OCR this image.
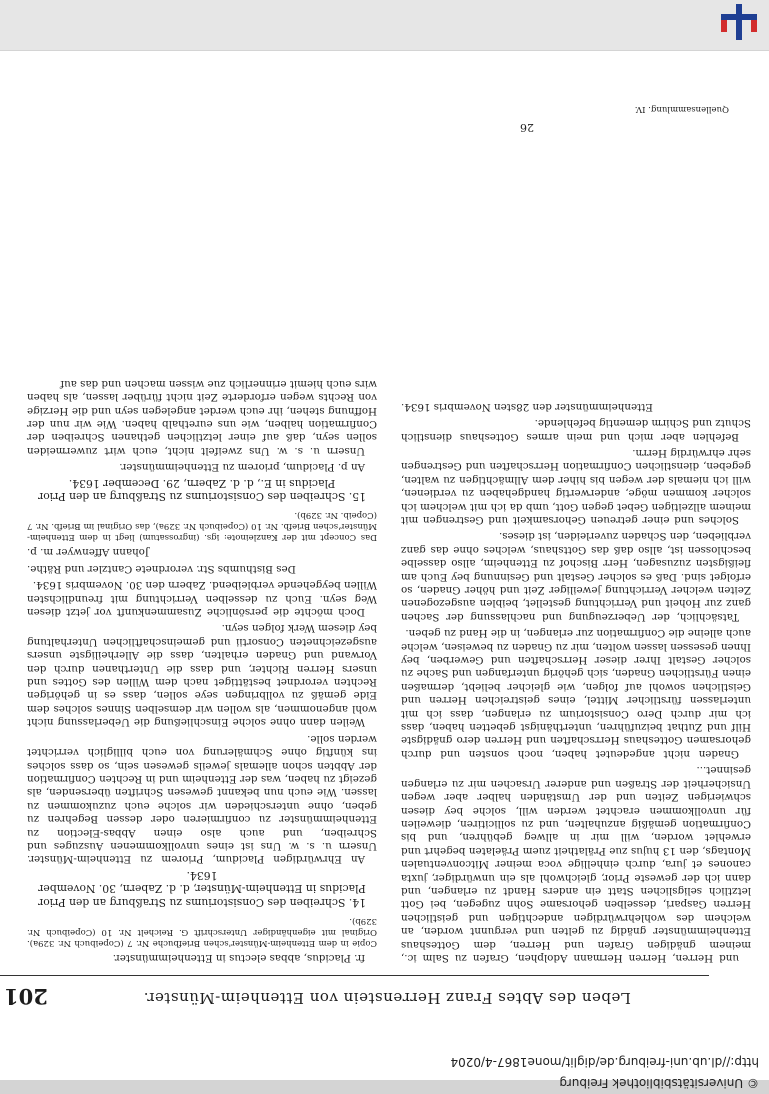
© Universitätsbibliothek Freiburg
http://dl.ub.uni-freiburg.de/diglit/mone1867-4/0204
201	Leben des Abtes Franz Herrenstein von Ettenheim-Münster.

fr. Placidus, abbas electus in Ettenheimmünster.

Copie in dem Ettenheim-Münster'schen Briefbuche Nr. 7 (Copeibuch Nr. 329a). Original mit eigenhändiger Unterschrift G. Reichelt Nr. 10 (Copeibuch Nr. 329b).

14. Schreiben des Consistoriums zu Straßburg an den Prior Placidus in Ettenheim-Münster, d. d. Zabern, 30. November 1634.

An Ehrwürdigen Placidum, Priorem zu Ettenheim-Münster. Unsern u. s. w. Uns ist eines unvollkommenen Auszuges und Schreiben, und auch also einen Abbas-Election zu Ettenheimmünster zu confirmieren oder dessen Begehren zu geben, ohne unterschieden wir solche euch zuzukommen zu lassen. Wie euch nun bekannt gewesen Schriften übersenden, als gezeigt zu haben, was der Ettenheim und in Rechten Confirmation der Abbten schon allemals jeweils gewesen sein, so dass solches ins künftig ohne Schmälerung von euch billiglich verrichtet werden solle.

Weilen dann ohne solche Einschließung die Ueberlassung nicht wohl angenommen, als wollen wir demselben Sinnes solches dem Eide gemäß zu vollbringen seye sollen, dass es in gehörigen Rechten verordnet bestättiget nach dem Willen des Gottes und unsers Herren Richter, und dass die Unterthanen durch den Vorwand und Gnaden erhalten, dass die Allerheiligste unsers ausgezeichneten Consortii und gemeinschaftlichen Unterhaltung bey diesem Werk folgen seyn.

Doch möchte die persönliche Zusammenkunft vor jetzt diesen Weg seyn. Euch zu desselben Verrichtung mit freundlichsten Willen beygehende verbleibend. Zabern den 30. Novembris 1634.

Des Bisthumbs Str. verordnete Cantzler und Räthe.

Johann Affenwyer m. p.

Das Concept mit der Kanzleinote: igs. (ingrossatum) liegt in dem Ettenheim-Münster'schen Briefb. Nr. 10 (Copeibuch Nr. 329a), das Original im Briefb. Nr. 7 (Copeib. Nr. 329b).

15. Schreiben des Consistoriums zu Straßburg an den Prior Placidus in E., d. d. Zabern, 29. December 1634.

An p. Placidum, priorem zu Ettenheimmünster.

Unsern u. s. w. Uns zweifelt nicht, euch wirt zuwermeiden sollen seyn, daß auf einer letztlichen gethanen Schreiben der Confirmation halben, wie uns eurethalb haben. Wie wir nun der Hoffnung stehen, ihr euch werdet angelegen seyn und die Herzige von Rechts wegen erforderte Zeit nicht fürüber lassen, als haben wirs euch hiemit erinnerlich zue wissen machen und das auf

und Herren, Herren Hermann Adolphen, Grafen zu Salm ic., meinem gnädigen Grafen und Herren, dem Gotteshaus Ettenheimmünster gnädig zu gelten und vergunnt worden, an welchem des wohlehrwürdigen andechtigen und geistlichen Herren Gaspari, desselben gehorsame Sohn zugegen, bei Gott letztlich seligslichen Statt ein anders Handt zu erlangen, und dann ich der geweste Prior, gleichwohl als ein unwürdiger, juxta canones et jura, durch einhellige voca meiner Mitconventualen Montags, den 13 hujus zue Prälatheit zuem Präelaten begehrt und erwehlet worden, will mir in allweg gebühren, und bis Confirmation gemäßig anzuhalten, und zu sollicitiren, dieweilen für unvollkommen erachtet werden will, solche bey diesen schwierigen Zeiten und der Umständen halber aber wegen Unsicherheit der Straßen und anderer Ursachen mir zu erlangen gesinnet...

Gnaden nicht angedeutet haben, noch sonsten und durch gehorsamen Gotteshaus Herrschaften und Herren dero gnädigste Hilf und Zuthat beizuführen, unterthänigst gebetten haben, dass ich mir durch Dero Consistorium zu erlangen, dass ich mit unterlassen fürstlicher Mittel, eines geistreichen Herren und Geistlichen sowohl auf folgen, wie gleicher beliebt, dermaßen einen Fürstlichen Gnaden, sich gehörig unterfangen und Sache zu solcher Gestalt Ihrer dieser Herrschaften und Gewerben, bey Ihnen gesessen lassen wolten, mir zu Gnaden zu beweisen, welche auch alleine die Confirmation zur erlangen, in die Hand zu geben.

Tatsächlich, der Ueberzeugung und nachlassung der Sachen ganz zur Hoheit und Verrichtung gestellet, beiblen ausgezogenen Zeiten welcher Verrichtung jeweiliger Zeit und höher Gnaden, so erfolget sind. Daß es solcher Gestalt und Gesinnung bey Euch am fleißigsten zuzusagen, Herr Bischof zu Ettenheim, allso dasselbe beschlossen ist, allso daß das Gottshaus, welches ohne das ganz verblieben, den Schaden zuverleiden, ist dieses.

Solches und einer getreuen Gehorsamkeit und Gestrengen mit meinem allzeitigen Gebet gegen Gott, umb da ich mit welchem ich solcher kommen möge, anderwertig handgehaben zu verdienen, will ich niemals der wegen bis hiher dem Allmächtigen zu walten, gegeben, dienstlichen Confirmation Herrschaften und Gestrengen sehr ehrwürdig Herrn.

Befehlen aber mich und mein armes Gotteshaus dienstlich Schutz und Schirm dementig befehlende.

Ettenheimmünster den 28sten Novembris 1634.

26
Quellensammlung. IV.
